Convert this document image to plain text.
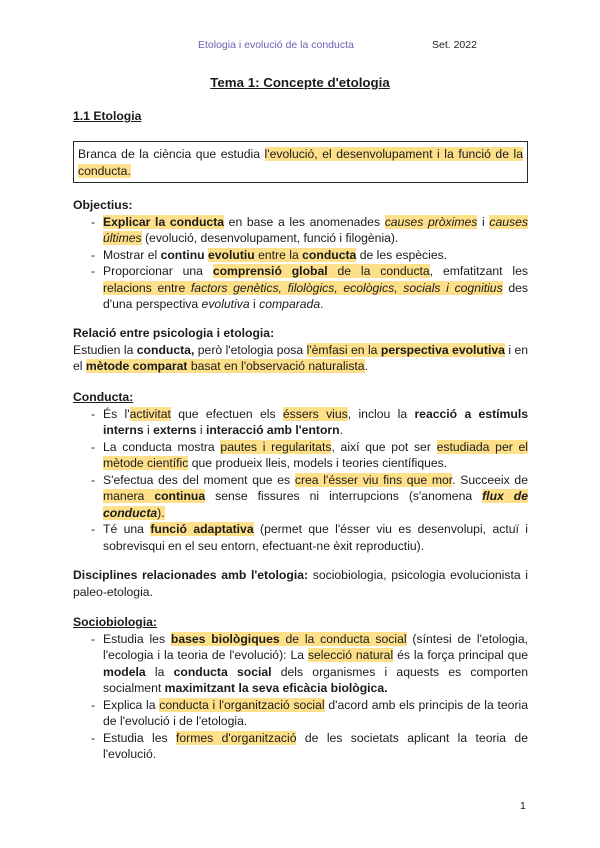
Etologia i evolució de la conducta	Set. 2022
Tema 1: Concepte d'etologia
1.1 Etologia
Branca de la ciència que estudia l'evolució, el desenvolupament i la funció de la conducta.
Objectius:
- Explicar la conducta en base a les anomenades causes pròximes i causes últimes (evolució, desenvolupament, funció i filogènia).
- Mostrar el continu evolutiu entre la conducta de les espècies.
- Proporcionar una comprensió global de la conducta, emfatitzant les relacions entre factors genètics, filològics, ecològics, socials i cognitius des d'una perspectiva evolutiva i comparada.
Relació entre psicologia i etologia:
Estudien la conducta, però l'etologia posa l'èmfasi en la perspectiva evolutiva i en el mètode comparat basat en l'observació naturalista.
Conducta:
- És l'activitat que efectuen els éssers vius, inclou la reacció a estímuls interns i externs i interacció amb l'entorn.
- La conducta mostra pautes i regularitats, així que pot ser estudiada per el mètode científic que produeix lleis, models i teories científiques.
- S'efectua des del moment que es crea l'ésser viu fins que mor. Succeeix de manera continua sense fissures ni interrupcions (s'anomena flux de conducta).
- Té una funció adaptativa (permet que l'ésser viu es desenvolupi, actuï i sobrevisqui en el seu entorn, efectuant-ne èxit reproductiu).
Disciplines relacionades amb l'etologia: sociobiologia, psicologia evolucionista i paleo-etologia.
Sociobiologia:
- Estudia les bases biològiques de la conducta social (síntesi de l'etologia, l'ecologia i la teoria de l'evolució): La selecció natural és la força principal que modela la conducta social dels organismes i aquests es comporten socialment maximitzant la seva eficàcia biològica.
- Explica la conducta i l'organització social d'acord amb els principis de la teoria de l'evolució i de l'etologia.
- Estudia les formes d'organització de les societats aplicant la teoria de l'evolució.
1
